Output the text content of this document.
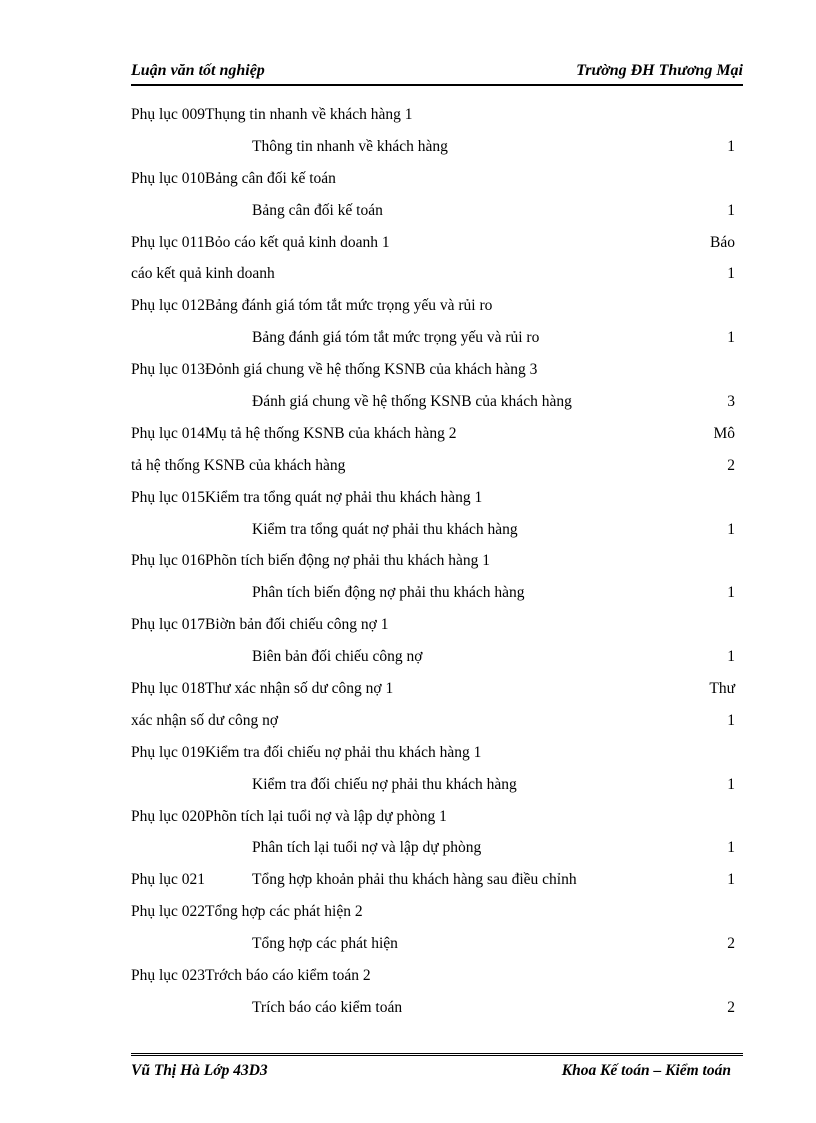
Luận văn tốt nghiệp	Trường ĐH Thương Mại
Phụ lục 009Thụng tin nhanh về khách hàng 1
Thông tin nhanh về khách hàng	1
Phụ lục 010Bảng cân đối kế toán
Bảng cân đối kế toán	1
Phụ lục 011Bỏo cáo kết quả kinh doanh 1	Báo
cáo kết quả kinh doanh	1
Phụ lục 012Bảng đánh giá tóm tắt mức trọng yếu và rủi ro
Bảng đánh giá tóm tắt mức trọng yếu và rủi ro	1
Phụ lục 013Đỏnh giá chung về hệ thống KSNB của khách hàng 3
Đánh giá chung về hệ thống KSNB của khách hàng	3
Phụ lục 014Mụ tả hệ thống KSNB của khách hàng 2	Mô
tả hệ thống KSNB của khách hàng	2
Phụ lục 015Kiểm tra tổng quát nợ phải thu khách hàng 1
Kiểm tra tổng quát nợ phải thu khách hàng	1
Phụ lục 016Phõn tích biến động nợ phải thu khách hàng 1
Phân tích biến động nợ phải thu khách hàng	1
Phụ lục 017Biờn bản đối chiếu công nợ 1
Biên bản đối chiếu công nợ	1
Phụ lục 018Thư xác nhận số dư công nợ 1	Thư
xác nhận số dư công nợ	1
Phụ lục 019Kiểm tra đối chiếu nợ phải thu khách hàng 1
Kiểm tra đối chiếu nợ phải thu khách hàng	1
Phụ lục 020Phõn tích lại tuổi nợ và lập dự phòng 1
Phân tích lại tuổi nợ và lập dự phòng	1
Phụ lục 021	Tổng hợp khoản phải thu khách hàng sau điều chỉnh	1
Phụ lục 022Tổng hợp các phát hiện 2
Tổng hợp các phát hiện	2
Phụ lục 023Trớch báo cáo kiểm toán 2
Trích báo cáo kiểm toán	2
Vũ Thị Hà Lớp 43D3	Khoa Kế toán – Kiểm toán
